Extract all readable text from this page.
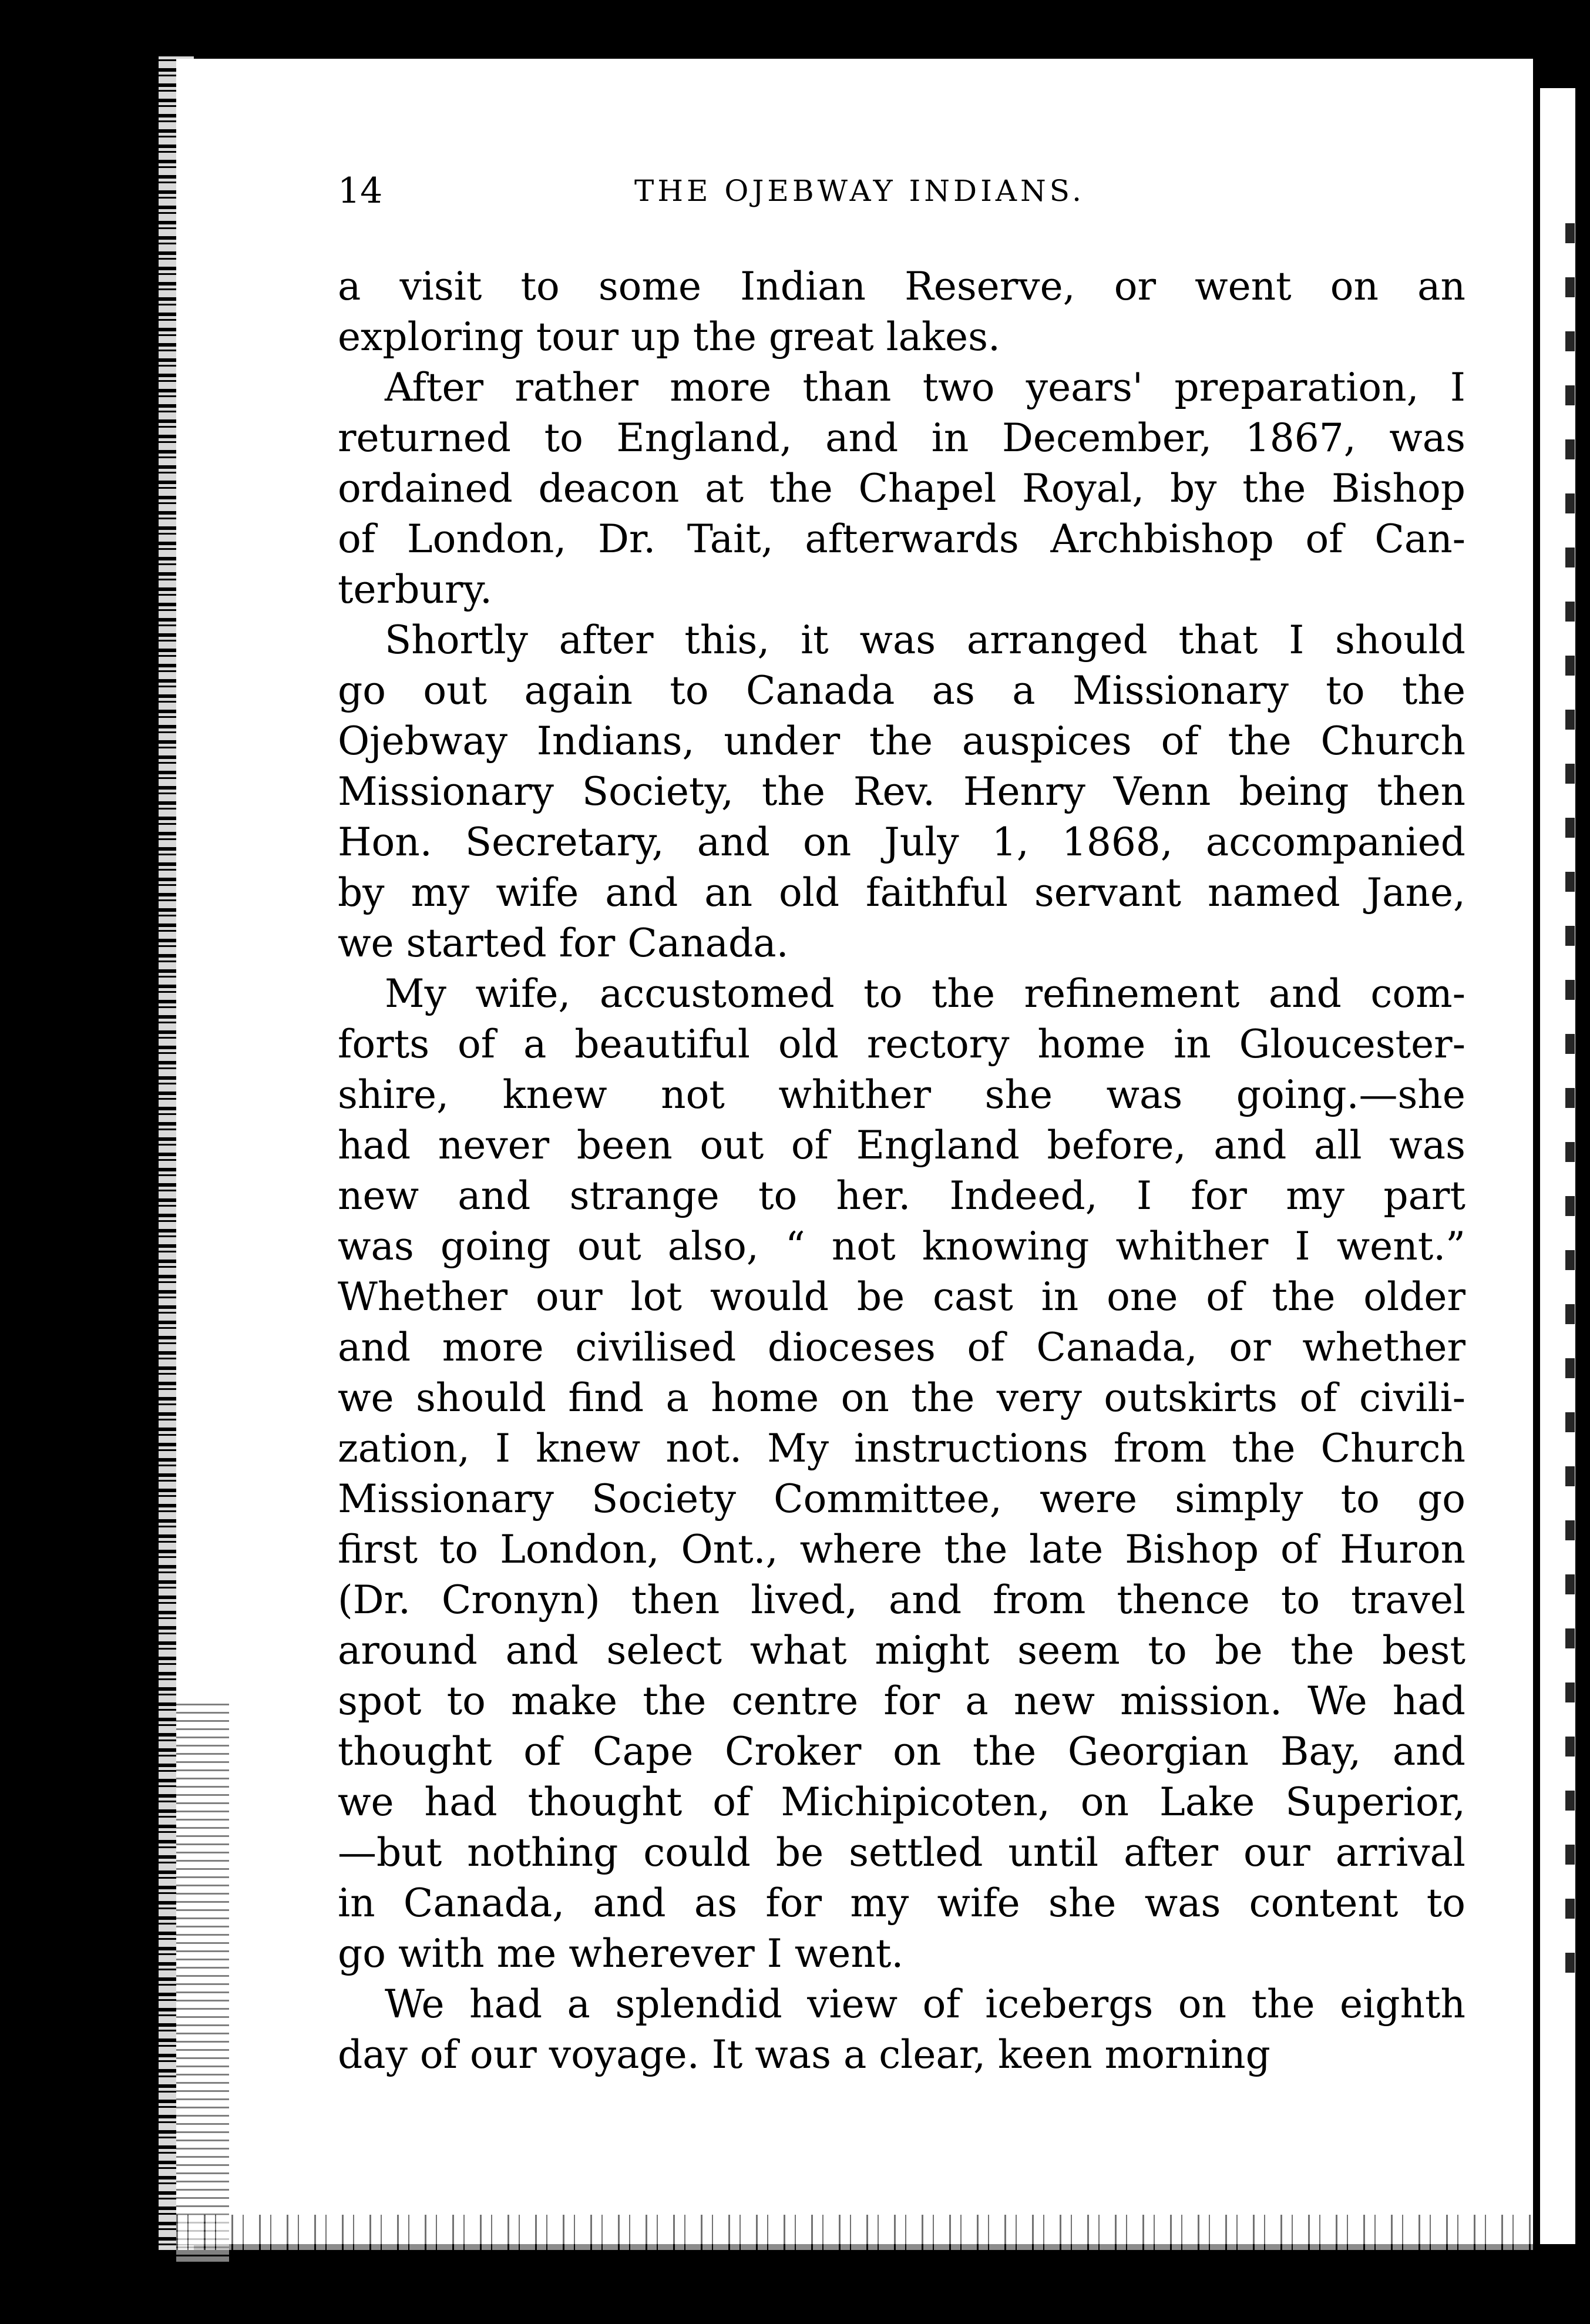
14	THE OJEBWAY INDIANS.
a visit to some Indian Reserve, or went on an
exploring tour up the great lakes.
After rather more than two years' preparation, I
returned to England, and in December, 1867, was
ordained deacon at the Chapel Royal, by the Bishop
of London, Dr. Tait, afterwards Archbishop of Can-
terbury.
Shortly after this, it was arranged that I should
go out again to Canada as a Missionary to the
Ojebway Indians, under the auspices of the Church
Missionary Society, the Rev. Henry Venn being then
Hon. Secretary, and on July 1, 1868, accompanied
by my wife and an old faithful servant named Jane,
we started for Canada.
My wife, accustomed to the refinement and com-
forts of a beautiful old rectory home in Gloucester-
shire, knew not whither she was going.—she
had never been out of England before, and all was
new and strange to her. Indeed, I for my part
was going out also, “ not knowing whither I went.”
Whether our lot would be cast in one of the older
and more civilised dioceses of Canada, or whether
we should find a home on the very outskirts of civili-
zation, I knew not. My instructions from the Church
Missionary Society Committee, were simply to go
first to London, Ont., where the late Bishop of Huron
(Dr. Cronyn) then lived, and from thence to travel
around and select what might seem to be the best
spot to make the centre for a new mission. We had
thought of Cape Croker on the Georgian Bay, and
we had thought of Michipicoten, on Lake Superior,
—but nothing could be settled until after our arrival
in Canada, and as for my wife she was content to
go with me wherever I went.
We had a splendid view of icebergs on the eighth
day of our voyage. It was a clear, keen morning
